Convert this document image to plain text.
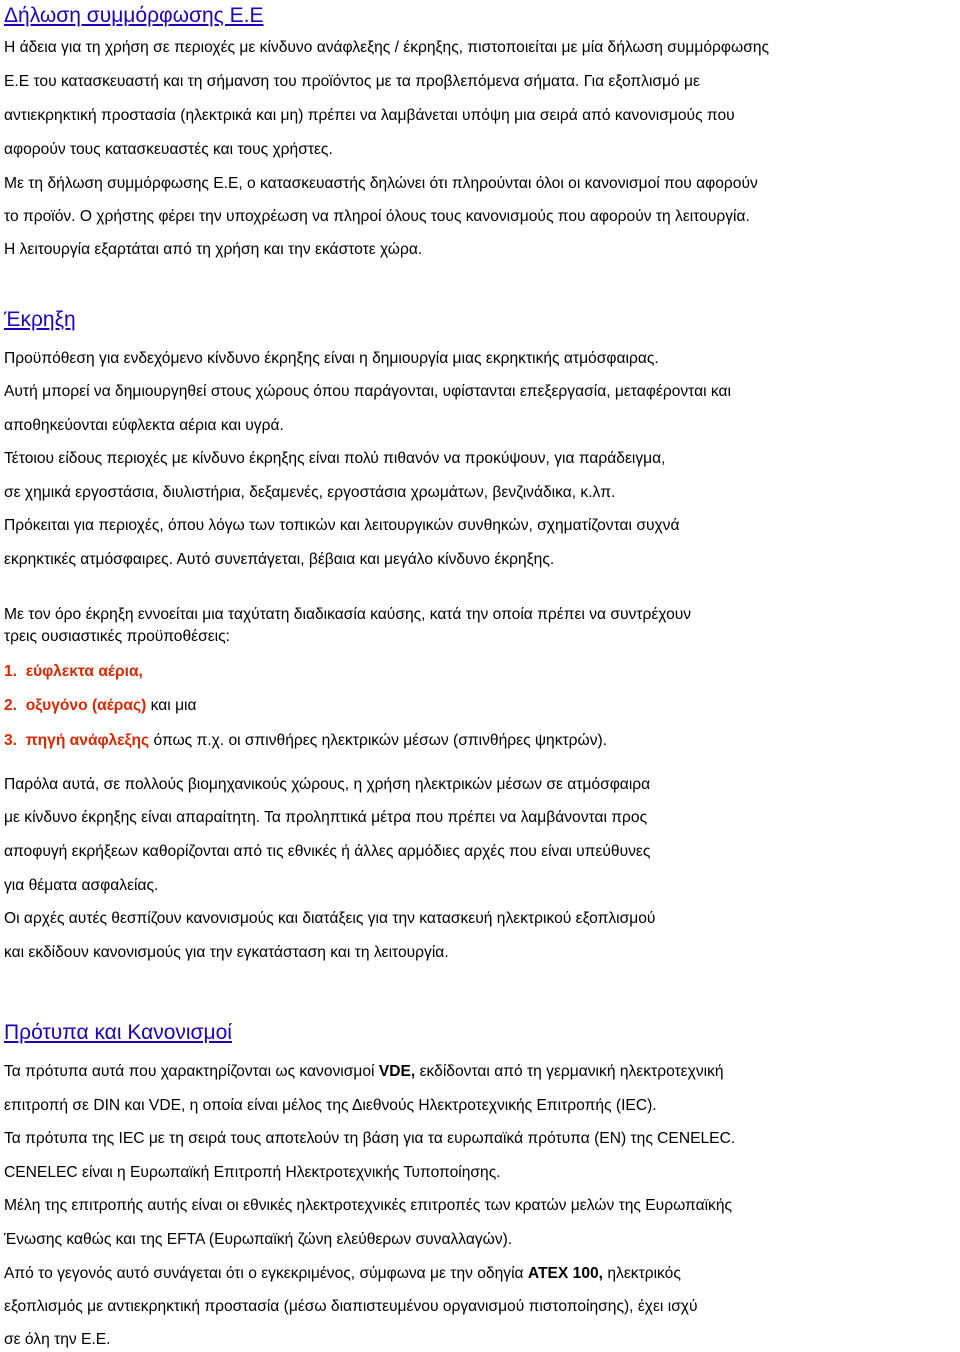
Δήλωση συμμόρφωσης Ε.Ε

Η άδεια για τη χρήση σε περιοχές με κίνδυνο ανάφλεξης / έκρηξης, πιστοποιείται με μία δήλωση συμμόρφωσης

Ε.Ε του κατασκευαστή και τη σήμανση του προϊόντος με τα προβλεπόμενα σήματα. Για εξοπλισμό με

αντιεκρηκτική προστασία (ηλεκτρικά και μη) πρέπει να λαμβάνεται υπόψη μια σειρά από κανονισμούς που

αφορούν τους κατασκευαστές και τους χρήστες.

Με τη δήλωση συμμόρφωσης Ε.Ε, ο κατασκευαστής δηλώνει ότι πληρούνται όλοι οι κανονισμοί που αφορούν

το προϊόν. Ο χρήστης φέρει την υποχρέωση να πληροί όλους τους κανονισμούς που αφορούν τη λειτουργία.

Η λειτουργία εξαρτάται από τη χρήση και την εκάστοτε χώρα.

Έκρηξη

Προϋπόθεση για ενδεχόμενο κίνδυνο έκρηξης είναι η δημιουργία μιας εκρηκτικής ατμόσφαιρας.

Αυτή μπορεί να δημιουργηθεί στους χώρους όπου παράγονται, υφίστανται επεξεργασία, μεταφέρονται και

αποθηκεύονται εύφλεκτα αέρια και υγρά.

Τέτοιου είδους περιοχές με κίνδυνο έκρηξης είναι πολύ πιθανόν να προκύψουν, για παράδειγμα,

σε χημικά εργοστάσια, διυλιστήρια, δεξαμενές, εργοστάσια χρωμάτων, βενζινάδικα, κ.λπ.

Πρόκειται για περιοχές, όπου λόγω των τοπικών και λειτουργικών συνθηκών, σχηματίζονται συχνά

εκρηκτικές ατμόσφαιρες. Αυτό συνεπάγεται, βέβαια και μεγάλο κίνδυνο έκρηξης.

Με τον όρο έκρηξη εννοείται μια ταχύτατη διαδικασία καύσης, κατά την οποία πρέπει να συντρέχουν

τρεις ουσιαστικές προϋποθέσεις:

1. εύφλεκτα αέρια,

2. οξυγόνο (αέρας) και μια

3. πηγή ανάφλεξης όπως π.χ. οι σπινθήρες ηλεκτρικών μέσων (σπινθήρες ψηκτρών).

Παρόλα αυτά, σε πολλούς βιομηχανικούς χώρους, η χρήση ηλεκτρικών μέσων σε ατμόσφαιρα

με κίνδυνο έκρηξης είναι απαραίτητη. Τα προληπτικά μέτρα που πρέπει να λαμβάνονται προς

αποφυγή εκρήξεων καθορίζονται από τις εθνικές ή άλλες αρμόδιες αρχές που είναι υπεύθυνες

για θέματα ασφαλείας.

Οι αρχές αυτές θεσπίζουν κανονισμούς και διατάξεις για την κατασκευή ηλεκτρικού εξοπλισμού

και εκδίδουν κανονισμούς για την εγκατάσταση και τη λειτουργία.

Πρότυπα και Κανονισμοί

Τα πρότυπα αυτά που χαρακτηρίζονται ως κανονισμοί VDE, εκδίδονται από τη γερμανική ηλεκτροτεχνική

επιτροπή σε DIN και VDE, η οποία είναι μέλος της Διεθνούς Ηλεκτροτεχνικής Επιτροπής (IEC).

Τα πρότυπα της IEC με τη σειρά τους αποτελούν τη βάση για τα ευρωπαϊκά πρότυπα (EN) της CENELEC.

CENELEC είναι η Ευρωπαϊκή Επιτροπή Ηλεκτροτεχνικής Τυποποίησης.

Μέλη της επιτροπής αυτής είναι οι εθνικές ηλεκτροτεχνικές επιτροπές των κρατών μελών της Ευρωπαϊκής

Ένωσης καθώς και της EFTA (Ευρωπαϊκή ζώνη ελεύθερων συναλλαγών).

Από το γεγονός αυτό συνάγεται ότι ο εγκεκριμένος, σύμφωνα με την οδηγία ATEX 100, ηλεκτρικός

εξοπλισμός με αντιεκρηκτική προστασία (μέσω διαπιστευμένου οργανισμού πιστοποίησης), έχει ισχύ

σε όλη την Ε.Ε.
